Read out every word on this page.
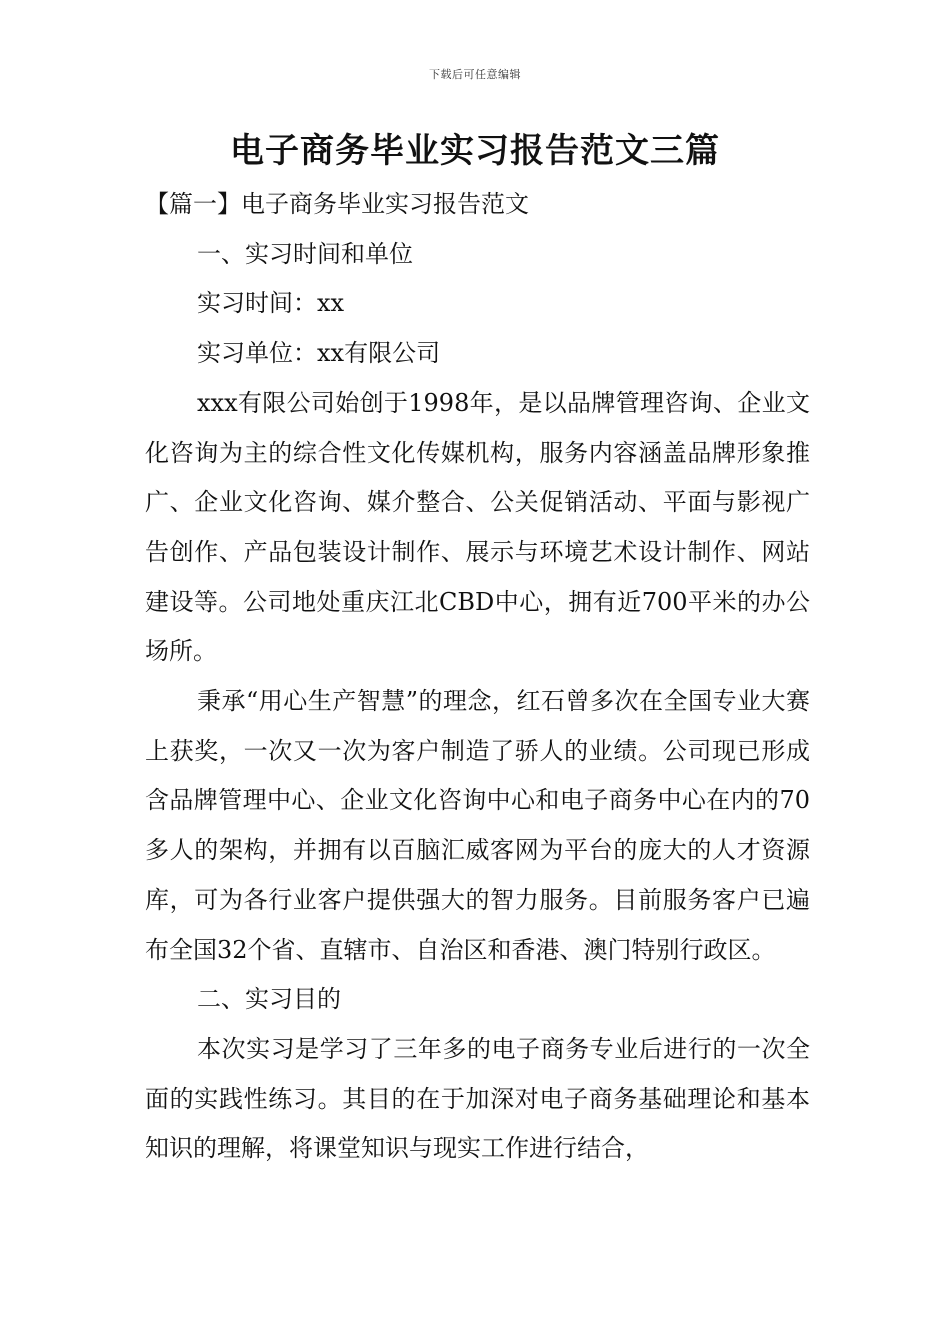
下载后可任意编辑
电子商务毕业实习报告范文三篇

【篇一】电子商务毕业实习报告范文

一、实习时间和单位

实习时间：xx

实习单位：xx有限公司

xxx有限公司始创于1998年，是以品牌管理咨询、企业文化咨询为主的综合性文化传媒机构，服务内容涵盖品牌形象推广、企业文化咨询、媒介整合、公关促销活动、平面与影视广告创作、产品包装设计制作、展示与环境艺术设计制作、网站建设等。公司地处重庆江北CBD中心，拥有近700平米的办公场所。

秉承“用心生产智慧”的理念，红石曾多次在全国专业大赛上获奖，一次又一次为客户制造了骄人的业绩。公司现已形成含品牌管理中心、企业文化咨询中心和电子商务中心在内的70多人的架构，并拥有以百脑汇威客网为平台的庞大的人才资源库，可为各行业客户提供强大的智力服务。目前服务客户已遍布全国32个省、直辖市、自治区和香港、澳门特别行政区。

二、实习目的

本次实习是学习了三年多的电子商务专业后进行的一次全面的实践性练习。其目的在于加深对电子商务基础理论和基本知识的理解，将课堂知识与现实工作进行结合，
